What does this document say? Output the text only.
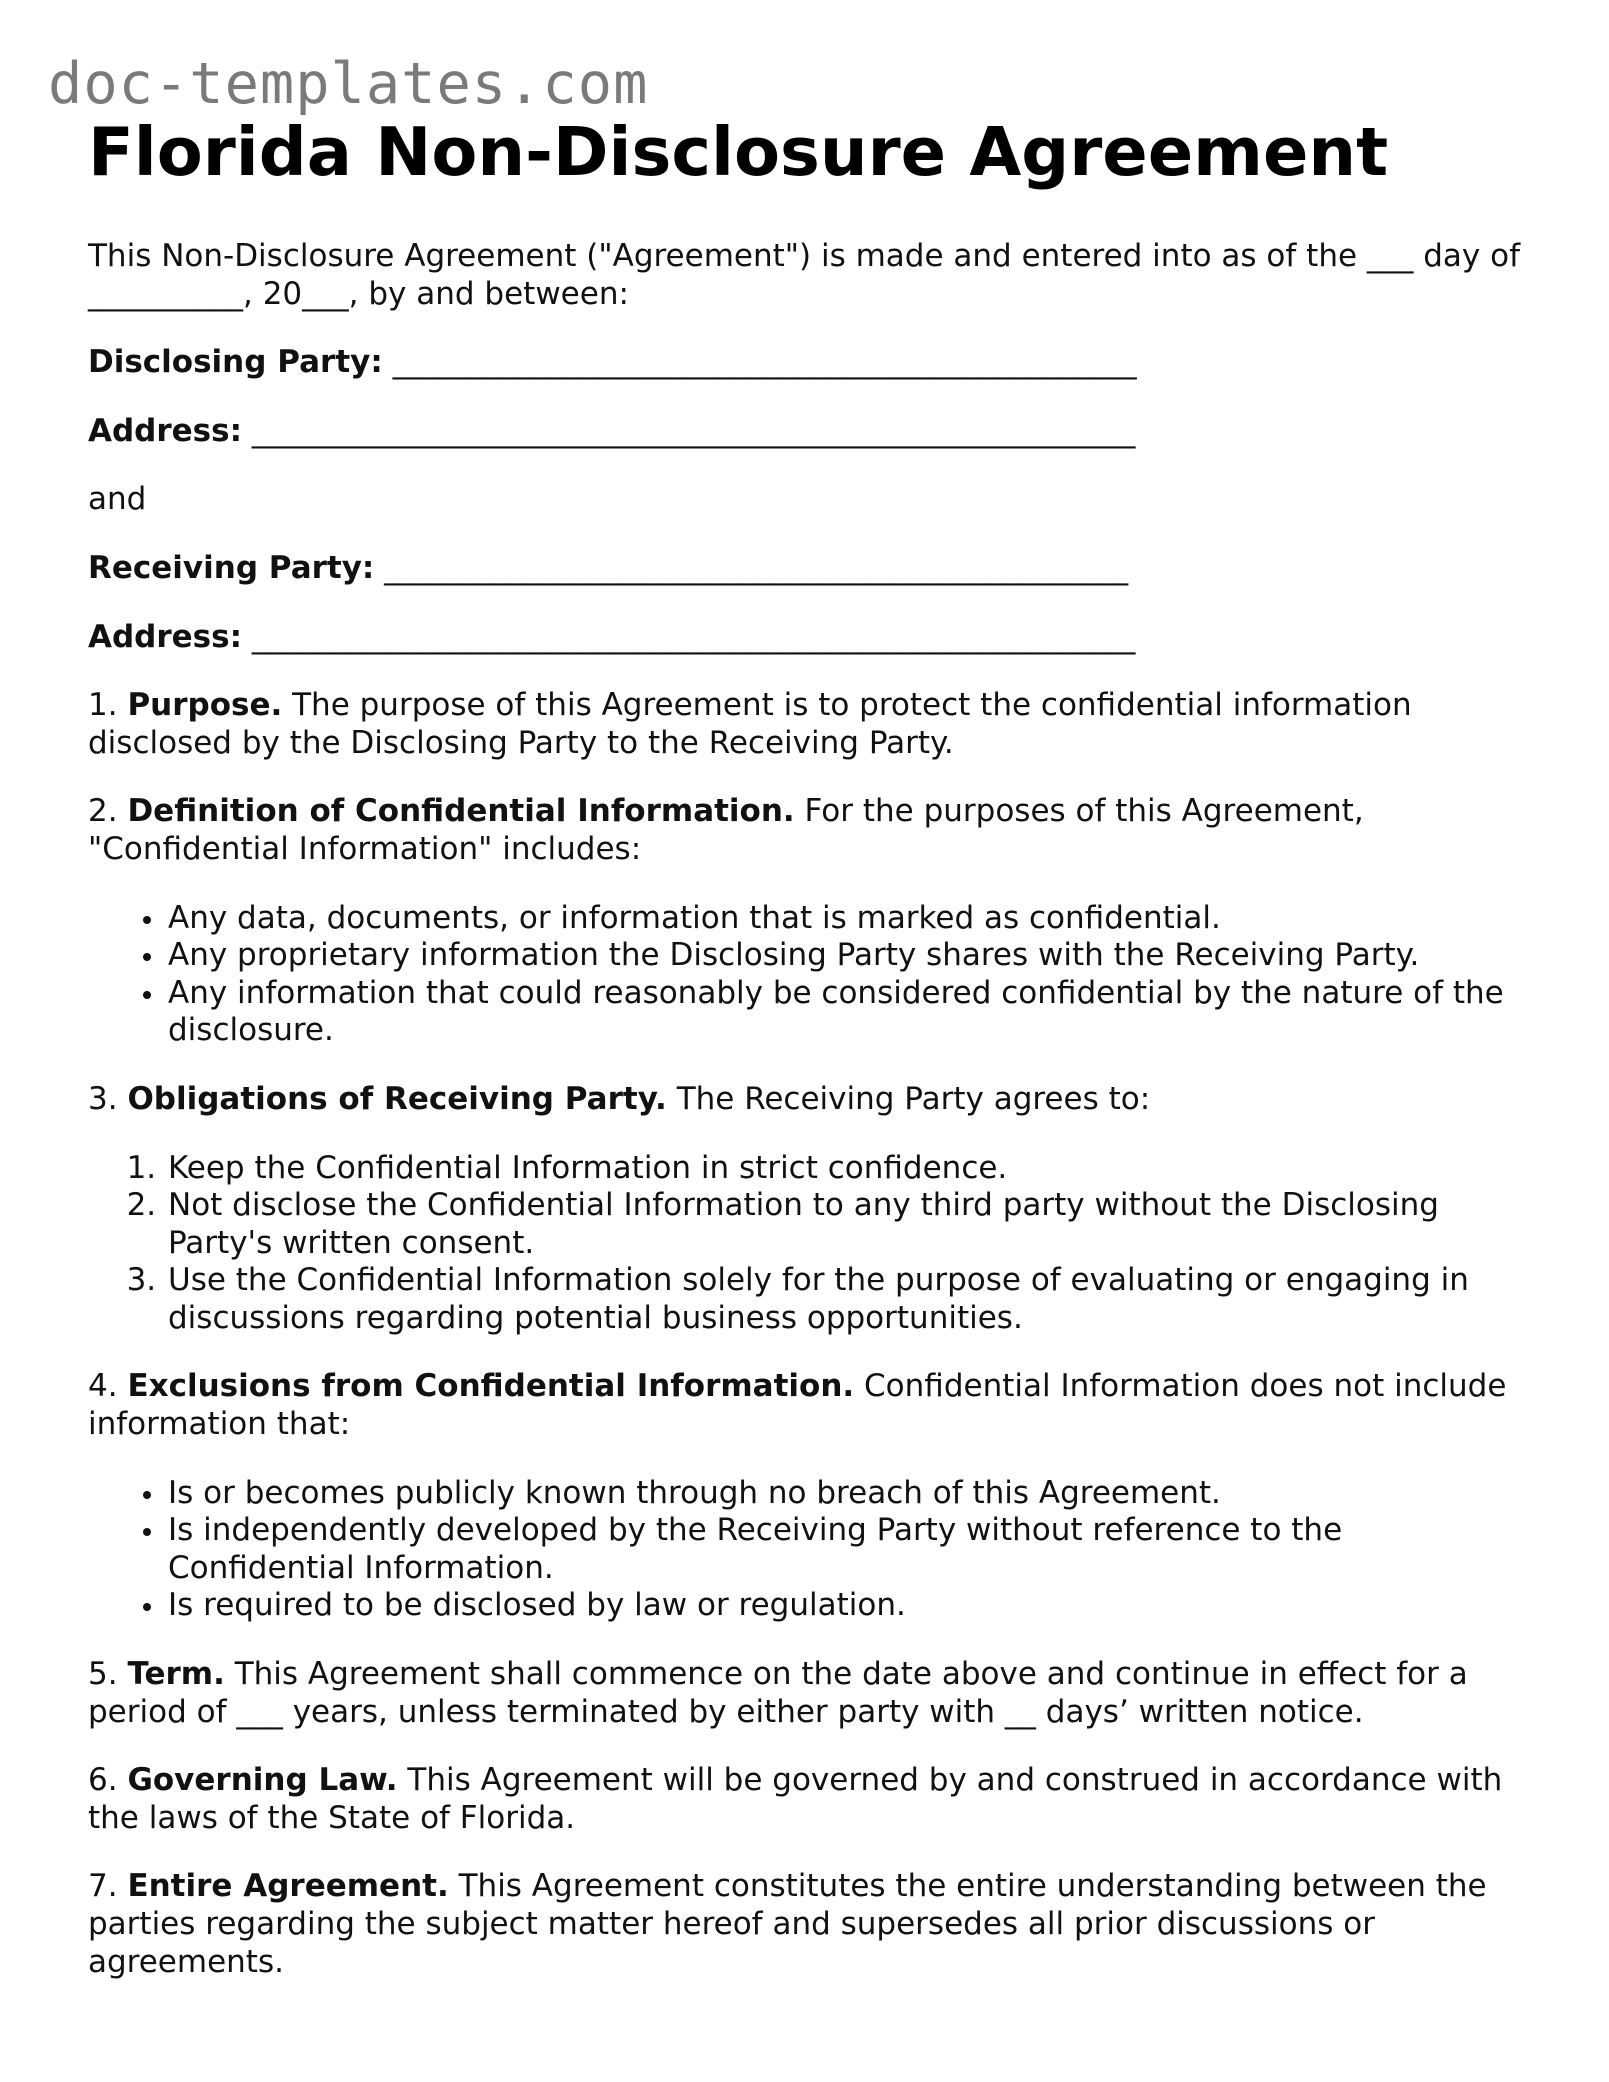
doc-templates.com
Florida Non-Disclosure Agreement

This Non-Disclosure Agreement ("Agreement") is made and entered into as of the ___ day of __________, 20___, by and between:

Disclosing Party: ________________________________________________

Address: _________________________________________________________

and

Receiving Party: ________________________________________________

Address: _________________________________________________________

1. Purpose. The purpose of this Agreement is to protect the confidential information disclosed by the Disclosing Party to the Receiving Party.

2. Definition of Confidential Information. For the purposes of this Agreement, "Confidential Information" includes:

• Any data, documents, or information that is marked as confidential.
• Any proprietary information the Disclosing Party shares with the Receiving Party.
• Any information that could reasonably be considered confidential by the nature of the disclosure.

3. Obligations of Receiving Party. The Receiving Party agrees to:

1. Keep the Confidential Information in strict confidence.
2. Not disclose the Confidential Information to any third party without the Disclosing Party's written consent.
3. Use the Confidential Information solely for the purpose of evaluating or engaging in discussions regarding potential business opportunities.

4. Exclusions from Confidential Information. Confidential Information does not include information that:

• Is or becomes publicly known through no breach of this Agreement.
• Is independently developed by the Receiving Party without reference to the Confidential Information.
• Is required to be disclosed by law or regulation.

5. Term. This Agreement shall commence on the date above and continue in effect for a period of ___ years, unless terminated by either party with __ days’ written notice.

6. Governing Law. This Agreement will be governed by and construed in accordance with the laws of the State of Florida.

7. Entire Agreement. This Agreement constitutes the entire understanding between the parties regarding the subject matter hereof and supersedes all prior discussions or agreements.
